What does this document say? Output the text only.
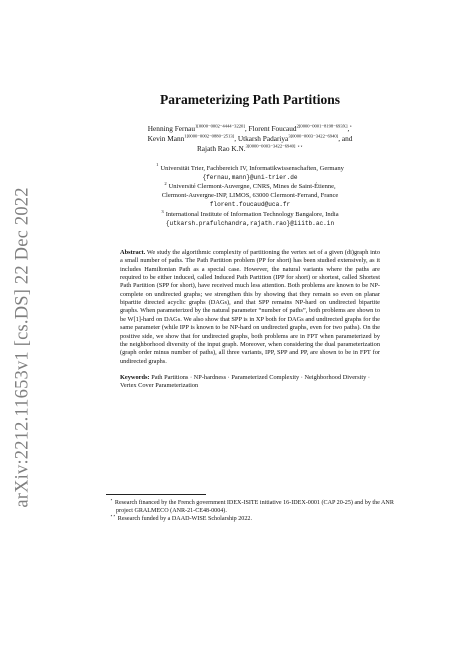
arXiv:2212.11653v1 [cs.DS] 22 Dec 2022
Parameterizing Path Partitions
Henning Fernau$^{1[0000-0002-4444-3220]}$, Florent Foucaud$^{2[0000-0001-8198-693X]}$,⋆
Kevin Mann$^{1[0000-0002-0880-2513]}$, Utkarsh Padariya$^{3[0000-0003-3422-6940]}$, and
Rajath Rao K.N.$^{3[0000-0003-3422-6940]}$ ⋆⋆
$^1$ Universität Trier, Fachbereich IV, Informatikwissenschaften, Germany
{fernau,mann}@uni-trier.de
$^2$ Université Clermont-Auvergne, CNRS, Mines de Saint-Étienne,
Clermont-Auvergne-INP, LIMOS, 63000 Clermont-Ferrand, France
florent.foucaud@uca.fr
$^3$ International Institute of Information Technology Bangalore, India
{utkarsh.prafulchandra,rajath.rao}@iiitb.ac.in
Abstract. We study the algorithmic complexity of partitioning the vertex set of a given (di)graph into a small number of paths. The Path Partition problem (PP for short) has been studied extensively, as it includes Hamiltonian Path as a special case. However, the natural variants where the paths are required to be either induced, called Induced Path Partition (IPP for short) or shortest, called Shortest Path Partition (SPP for short), have received much less attention. Both problems are known to be NP-complete on undirected graphs; we strengthen this by showing that they remain so even on planar bipartite directed acyclic graphs (DAGs), and that SPP remains NP-hard on undirected bipartite graphs. When parameterized by the natural parameter “number of paths”, both problems are shown to be W[1]-hard on DAGs. We also show that SPP is in XP both for DAGs and undirected graphs for the same parameter (while IPP is known to be NP-hard on undirected graphs, even for two paths). On the positive side, we show that for undirected graphs, both problems are in FPT when parameterized by the neighborhood diversity of the input graph. Moreover, when considering the dual parameterization (graph order minus number of paths), all three variants, IPP, SPP and PP, are shown to be in FPT for undirected graphs.
Keywords: Path Partitions · NP-hardness · Parameterized Complexity · Neighborhood Diversity · Vertex Cover Parameterization
⋆Research financed by the French government IDEX-ISITE initiative 16-IDEX-0001 (CAP 20-25) and by the ANR project GRALMECO (ANR-21-CE48-0004).
⋆⋆Research funded by a DAAD-WISE Scholarship 2022.
